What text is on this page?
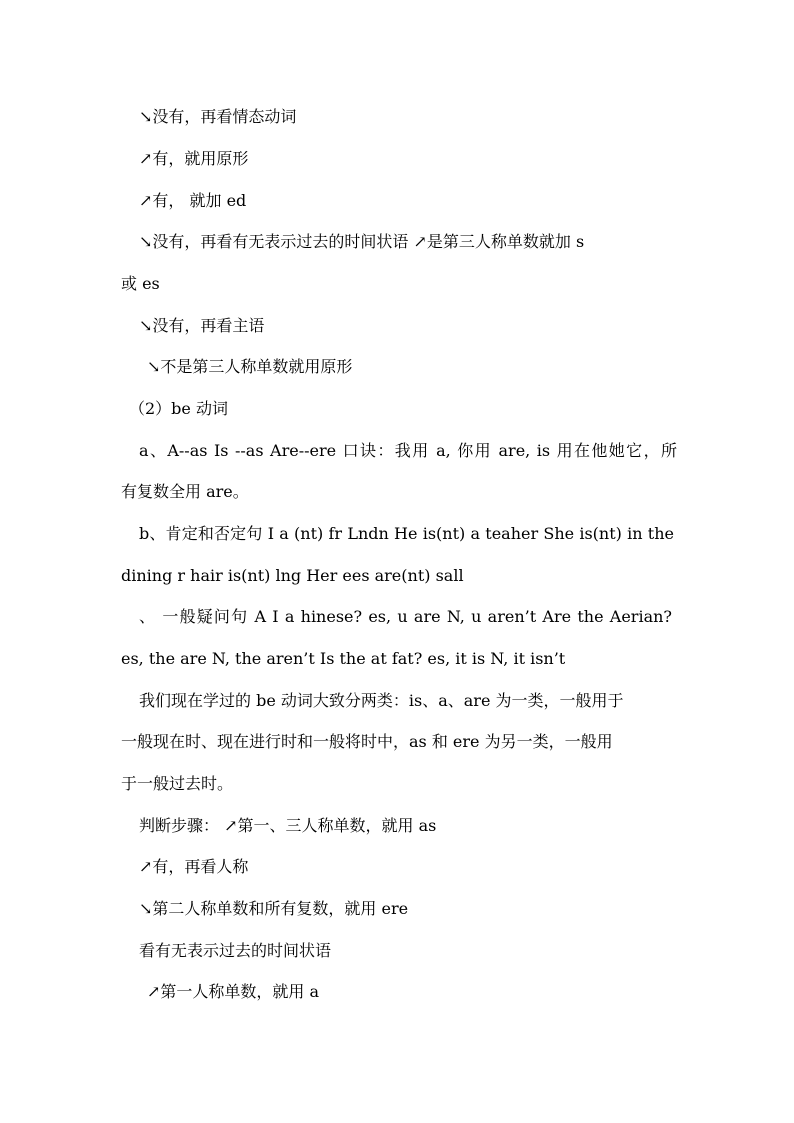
↘没有，再看情态动词
↗有，就用原形
↗有， 就加 ed
↘没有，再看有无表示过去的时间状语 ↗是第三人称单数就加 s
或 es
↘没有，再看主语
↘不是第三人称单数就用原形
（2）be 动词
a、A--as Is --as Are--ere 口诀：我用 a, 你用 are, is 用在他她它，所
有复数全用 are。
b、肯定和否定句 I a (nt) fr Lndn He is(nt) a teaher She is(nt) in the
dining r hair is(nt) lng Her ees are(nt) sall
、 一般疑问句 A I a hinese? es, u are N, u aren’t Are the Aerian?
es, the are N, the aren’t Is the at fat? es, it is N, it isn’t
我们现在学过的 be 动词大致分两类：is、a、are 为一类，一般用于
一般现在时、现在进行时和一般将时中，as 和 ere 为另一类，一般用
于一般过去时。
判断步骤： ↗第一、三人称单数，就用 as
↗有，再看人称
↘第二人称单数和所有复数，就用 ere
看有无表示过去的时间状语
↗第一人称单数，就用 a
